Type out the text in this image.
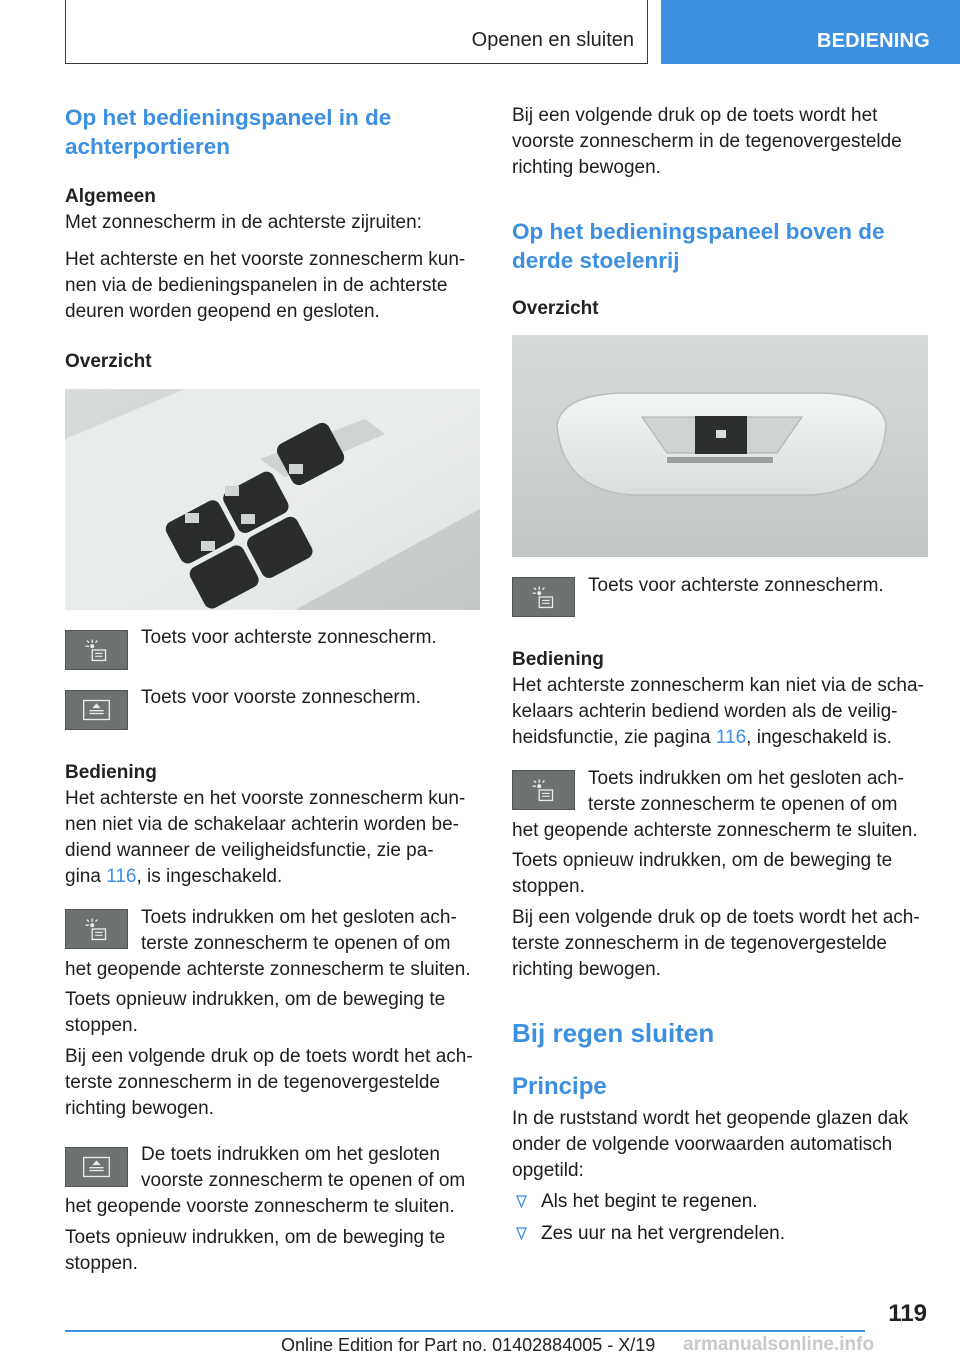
Openen en sluiten	BEDIENING
Op het bedieningspaneel in de
achterportieren
Algemeen
Met zonnescherm in de achterste zijruiten:
Het achterste en het voorste zonnescherm kun-
nen via de bedieningspanelen in de achterste
deuren worden geopend en gesloten.
Overzicht
Toets voor achterste zonnescherm.
Toets voor voorste zonnescherm.
Bediening
Het achterste en het voorste zonnescherm kun-
nen niet via de schakelaar achterin worden be-
diend wanneer de veiligheidsfunctie, zie pa-
gina 116, is ingeschakeld.
Toets indrukken om het gesloten ach-
terste zonnescherm te openen of om
het geopende achterste zonnescherm te sluiten.
Toets opnieuw indrukken, om de beweging te
stoppen.
Bij een volgende druk op de toets wordt het ach-
terste zonnescherm in de tegenovergestelde
richting bewogen.
De toets indrukken om het gesloten
voorste zonnescherm te openen of om
het geopende voorste zonnescherm te sluiten.
Toets opnieuw indrukken, om de beweging te
stoppen.
Bij een volgende druk op de toets wordt het
voorste zonnescherm in de tegenovergestelde
richting bewogen.
Op het bedieningspaneel boven de
derde stoelenrij
Overzicht
Toets voor achterste zonnescherm.
Bediening
Het achterste zonnescherm kan niet via de scha-
kelaars achterin bediend worden als de veilig-
heidsfunctie, zie pagina 116, ingeschakeld is.
Toets indrukken om het gesloten ach-
terste zonnescherm te openen of om
het geopende achterste zonnescherm te sluiten.
Toets opnieuw indrukken, om de beweging te
stoppen.
Bij een volgende druk op de toets wordt het ach-
terste zonnescherm in de tegenovergestelde
richting bewogen.
Bij regen sluiten
Principe
In de ruststand wordt het geopende glazen dak
onder de volgende voorwaarden automatisch
opgetild:
Als het begint te regenen.
Zes uur na het vergrendelen.
119
Online Edition for Part no. 01402884005 - X/19 armanualsonline.info
